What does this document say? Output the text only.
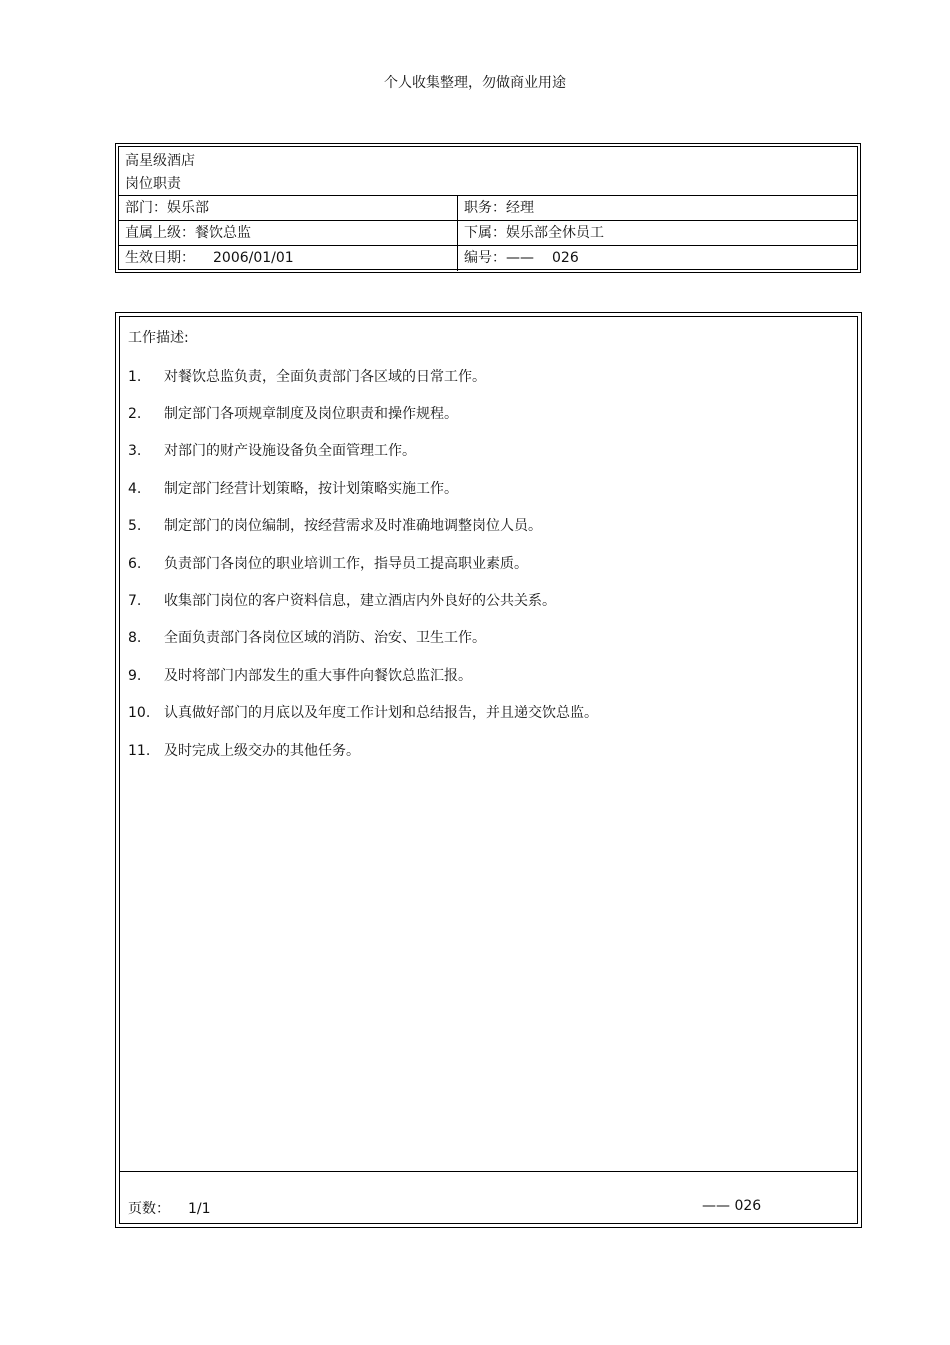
个人收集整理，勿做商业用途
高星级酒店
岗位职责
部门：娱乐部	职务：经理
直属上级：餐饮总监	下属：娱乐部全休员工
生效日期： 2006/01/01	编号：—— 026
工作描述:
1. 对餐饮总监负责，全面负责部门各区域的日常工作。
2. 制定部门各项规章制度及岗位职责和操作规程。
3. 对部门的财产设施设备负全面管理工作。
4. 制定部门经营计划策略，按计划策略实施工作。
5. 制定部门的岗位编制，按经营需求及时准确地调整岗位人员。
6. 负责部门各岗位的职业培训工作，指导员工提高职业素质。
7. 收集部门岗位的客户资料信息，建立酒店内外良好的公共关系。
8. 全面负责部门各岗位区域的消防、治安、卫生工作。
9. 及时将部门内部发生的重大事件向餐饮总监汇报。
10. 认真做好部门的月底以及年度工作计划和总结报告，并且递交饮总监。
11. 及时完成上级交办的其他任务。
页数： 1/1	—— 026
